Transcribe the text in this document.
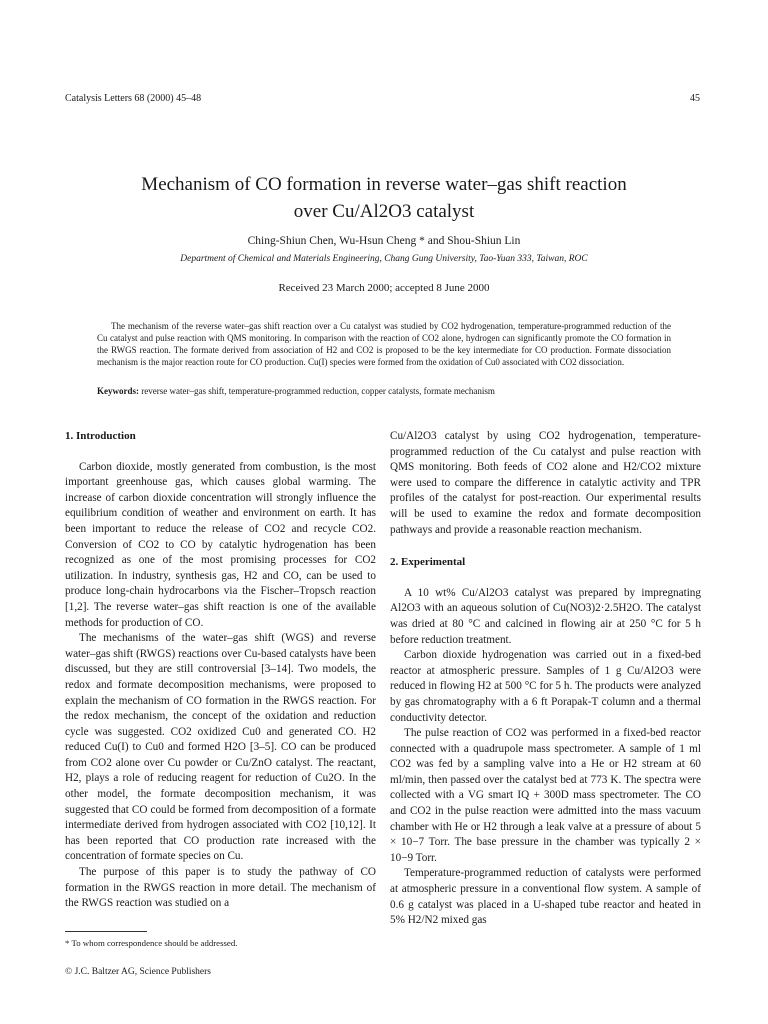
Catalysis Letters 68 (2000) 45–48	45
Mechanism of CO formation in reverse water–gas shift reaction
over Cu/Al2O3 catalyst
Ching-Shiun Chen, Wu-Hsun Cheng * and Shou-Shiun Lin
Department of Chemical and Materials Engineering, Chang Gung University, Tao-Yuan 333, Taiwan, ROC
Received 23 March 2000; accepted 8 June 2000
The mechanism of the reverse water–gas shift reaction over a Cu catalyst was studied by CO2 hydrogenation, temperature-programmed reduction of the Cu catalyst and pulse reaction with QMS monitoring. In comparison with the reaction of CO2 alone, hydrogen can significantly promote the CO formation in the RWGS reaction. The formate derived from association of H2 and CO2 is proposed to be the key intermediate for CO production. Formate dissociation mechanism is the major reaction route for CO production. Cu(I) species were formed from the oxidation of Cu0 associated with CO2 dissociation.
Keywords: reverse water–gas shift, temperature-programmed reduction, copper catalysts, formate mechanism
1. Introduction

Carbon dioxide, mostly generated from combustion, is the most important greenhouse gas, which causes global warming. The increase of carbon dioxide concentration will strongly influence the equilibrium condition of weather and environment on earth. It has been important to reduce the release of CO2 and recycle CO2. Conversion of CO2 to CO by catalytic hydrogenation has been recognized as one of the most promising processes for CO2 utilization. In industry, synthesis gas, H2 and CO, can be used to produce long-chain hydrocarbons via the Fischer–Tropsch reaction [1,2]. The reverse water–gas shift reaction is one of the available methods for production of CO.

The mechanisms of the water–gas shift (WGS) and reverse water–gas shift (RWGS) reactions over Cu-based catalysts have been discussed, but they are still controversial [3–14]. Two models, the redox and formate decomposition mechanisms, were proposed to explain the mechanism of CO formation in the RWGS reaction. For the redox mechanism, the concept of the oxidation and reduction cycle was suggested. CO2 oxidized Cu0 and generated CO. H2 reduced Cu(I) to Cu0 and formed H2O [3–5]. CO can be produced from CO2 alone over Cu powder or Cu/ZnO catalyst. The reactant, H2, plays a role of reducing reagent for reduction of Cu2O. In the other model, the formate decomposition mechanism, it was suggested that CO could be formed from decomposition of a formate intermediate derived from hydrogen associated with CO2 [10,12]. It has been reported that CO production rate increased with the concentration of formate species on Cu.

The purpose of this paper is to study the pathway of CO formation in the RWGS reaction in more detail. The mechanism of the RWGS reaction was studied on a

Cu/Al2O3 catalyst by using CO2 hydrogenation, temperature-programmed reduction of the Cu catalyst and pulse reaction with QMS monitoring. Both feeds of CO2 alone and H2/CO2 mixture were used to compare the difference in catalytic activity and TPR profiles of the catalyst for post-reaction. Our experimental results will be used to examine the redox and formate decomposition pathways and provide a reasonable reaction mechanism.

2. Experimental

A 10 wt% Cu/Al2O3 catalyst was prepared by impregnating Al2O3 with an aqueous solution of Cu(NO3)2·2.5H2O. The catalyst was dried at 80 °C and calcined in flowing air at 250 °C for 5 h before reduction treatment.

Carbon dioxide hydrogenation was carried out in a fixed-bed reactor at atmospheric pressure. Samples of 1 g Cu/Al2O3 were reduced in flowing H2 at 500 °C for 5 h. The products were analyzed by gas chromatography with a 6 ft Porapak-T column and a thermal conductivity detector.

The pulse reaction of CO2 was performed in a fixed-bed reactor connected with a quadrupole mass spectrometer. A sample of 1 ml CO2 was fed by a sampling valve into a He or H2 stream at 60 ml/min, then passed over the catalyst bed at 773 K. The spectra were collected with a VG smart IQ + 300D mass spectrometer. The CO and CO2 in the pulse reaction were admitted into the mass vacuum chamber with He or H2 through a leak valve at a pressure of about 5 × 10−7 Torr. The base pressure in the chamber was typically 2 × 10−9 Torr.

Temperature-programmed reduction of catalysts were performed at atmospheric pressure in a conventional flow system. A sample of 0.6 g catalyst was placed in a U-shaped tube reactor and heated in 5% H2/N2 mixed gas

* To whom correspondence should be addressed.
© J.C. Baltzer AG, Science Publishers
